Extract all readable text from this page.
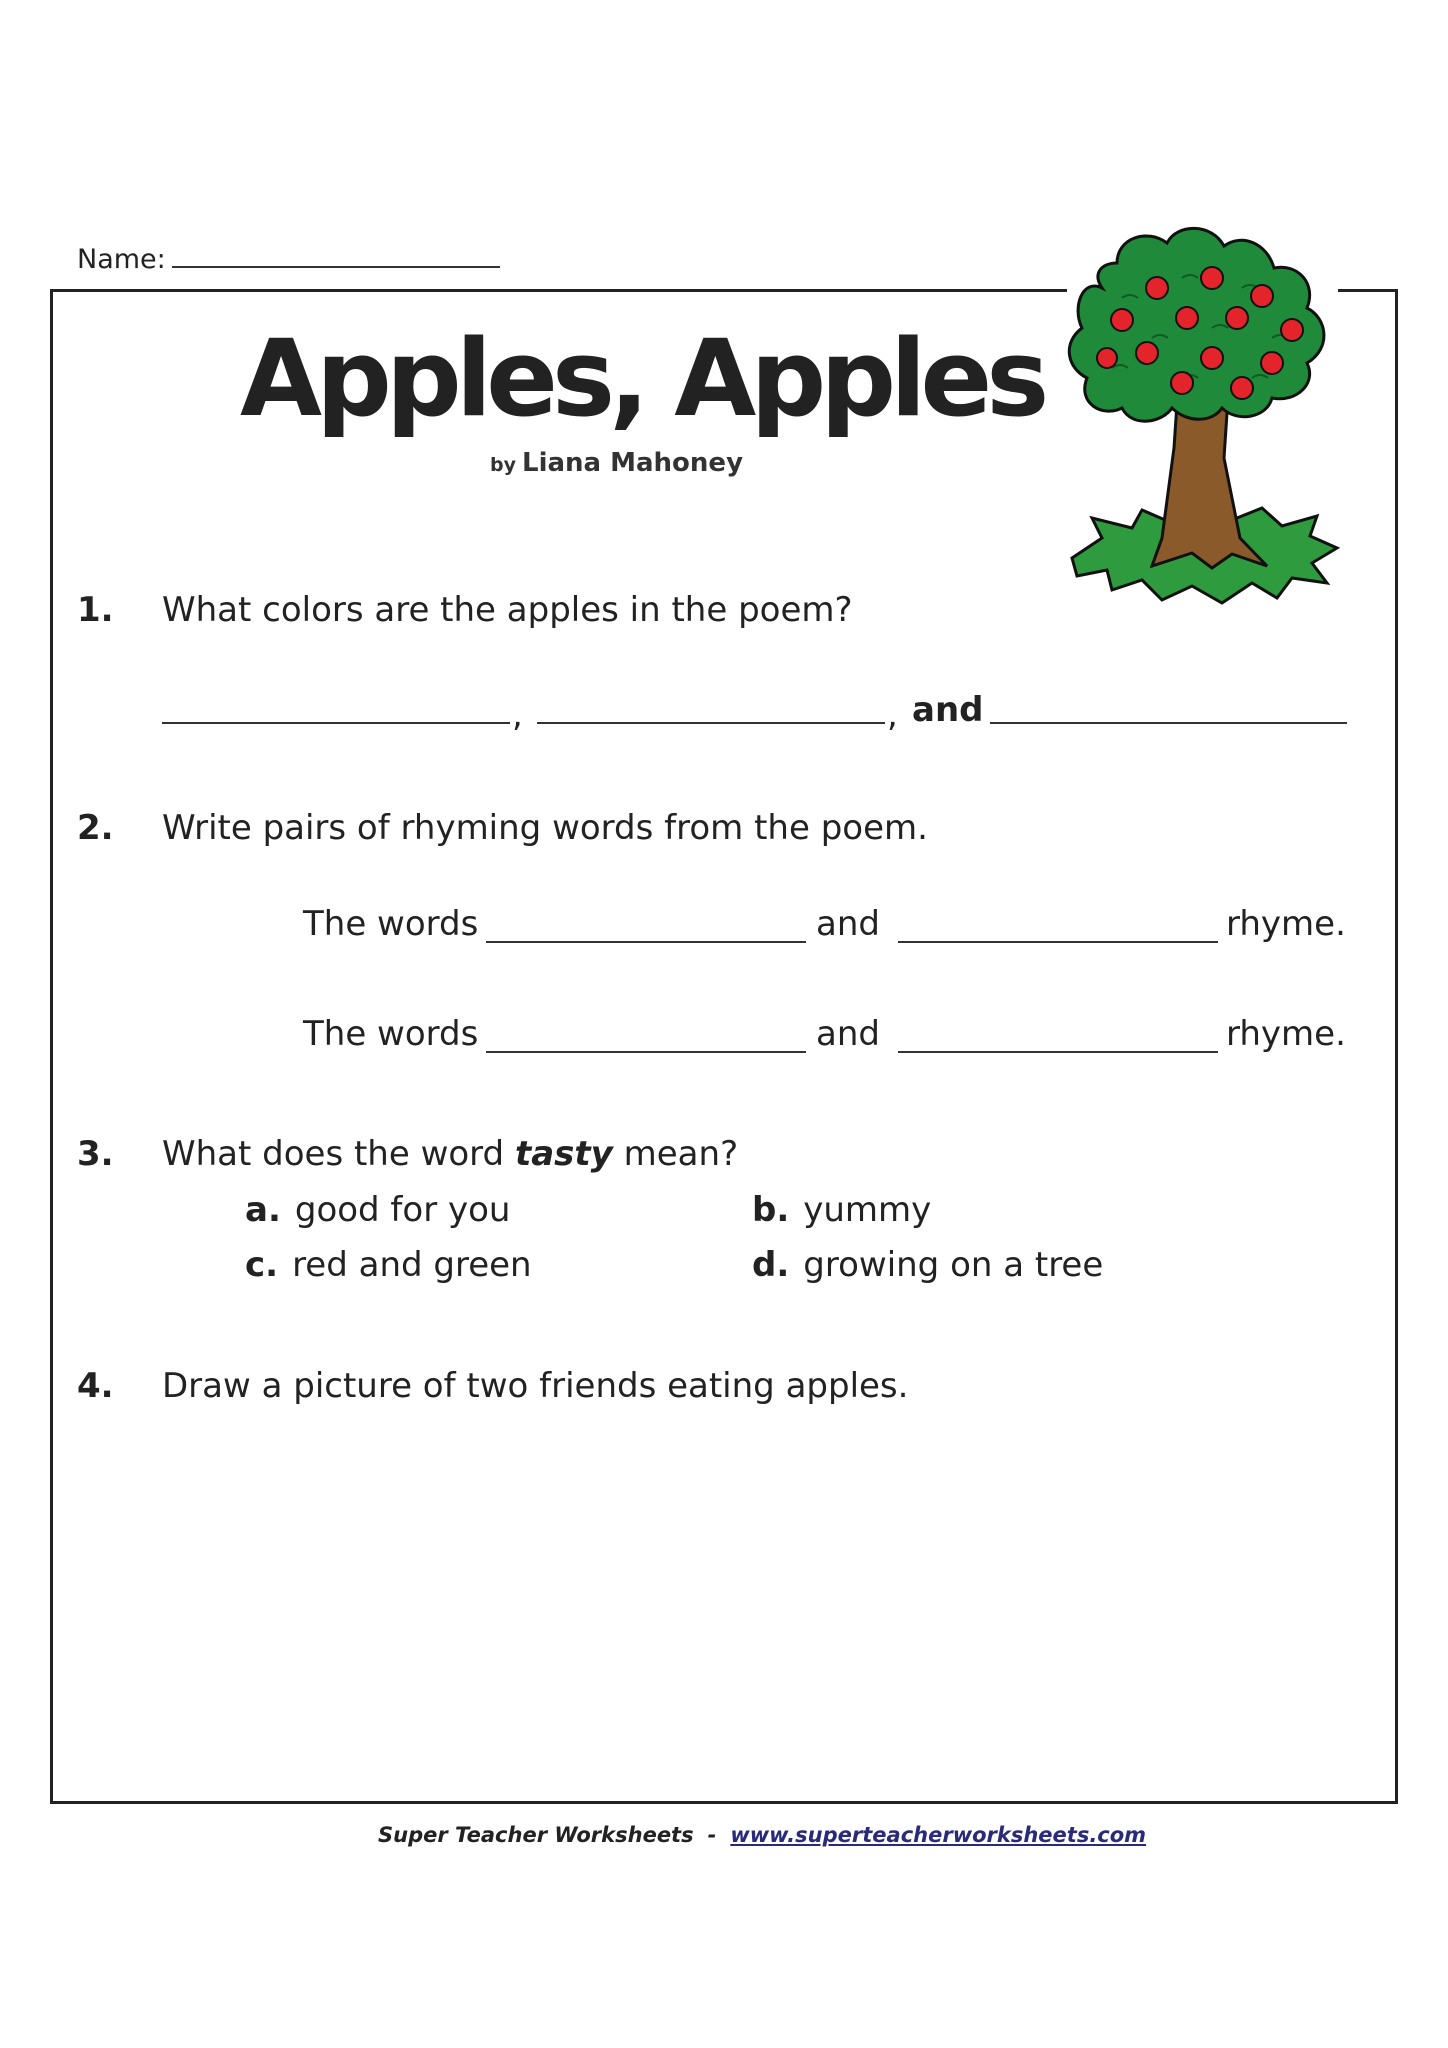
Name:
Apples, Apples
by Liana Mahoney
1. What colors are the apples in the poem?
,	, and
2. Write pairs of rhyming words from the poem.
The words	and	rhyme.
The words	and	rhyme.
3. What does the word tasty mean?
a. good for you	b. yummy
c. red and green	d. growing on a tree
4. Draw a picture of two friends eating apples.
Super Teacher Worksheets - www.superteacherworksheets.com
